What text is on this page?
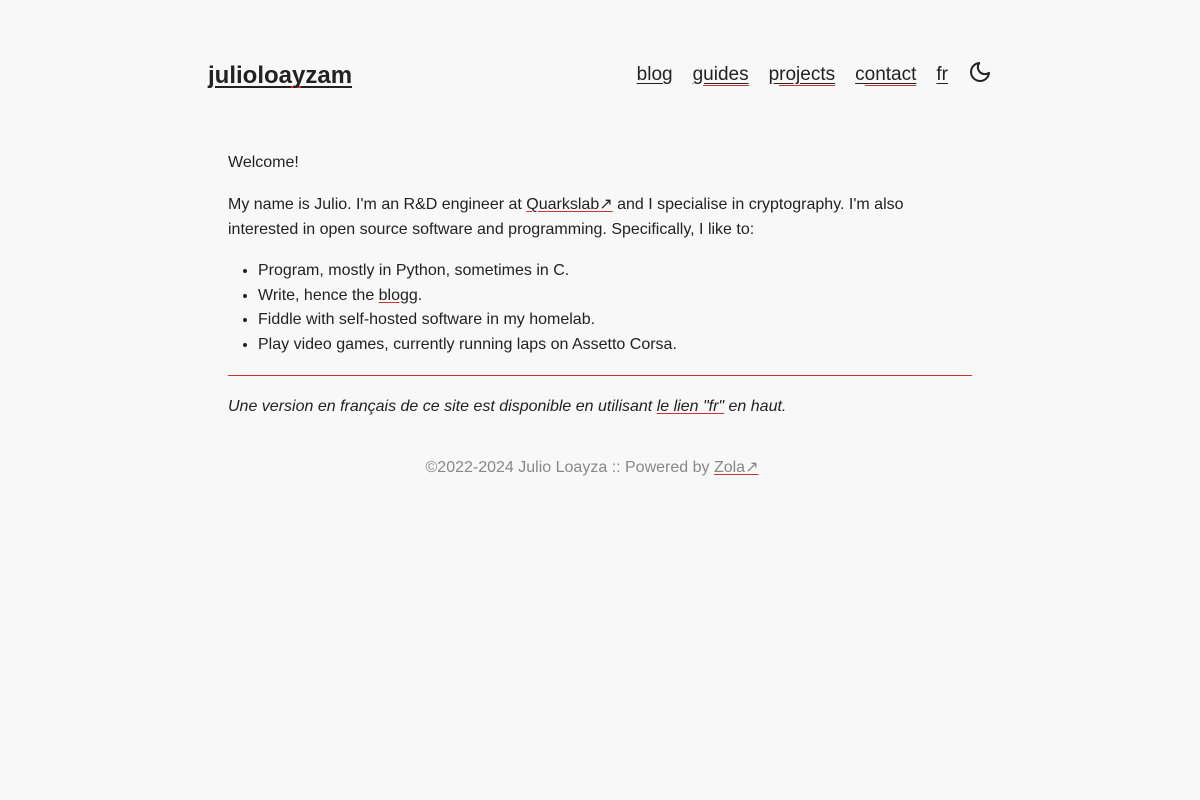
julioloayzam	blog guides projects contact fr

Welcome!

My name is Julio. I'm an R&D engineer at Quarkslab↗ and I specialise in cryptography. I'm also interested in open source software and programming. Specifically, I like to:

• Program, mostly in Python, sometimes in C.
• Write, hence the blogg.
• Fiddle with self-hosted software in my homelab.
• Play video games, currently running laps on Assetto Corsa.

Une version en français de ce site est disponible en utilisant le lien "fr" en haut.

©2022-2024 Julio Loayza :: Powered by Zola↗
